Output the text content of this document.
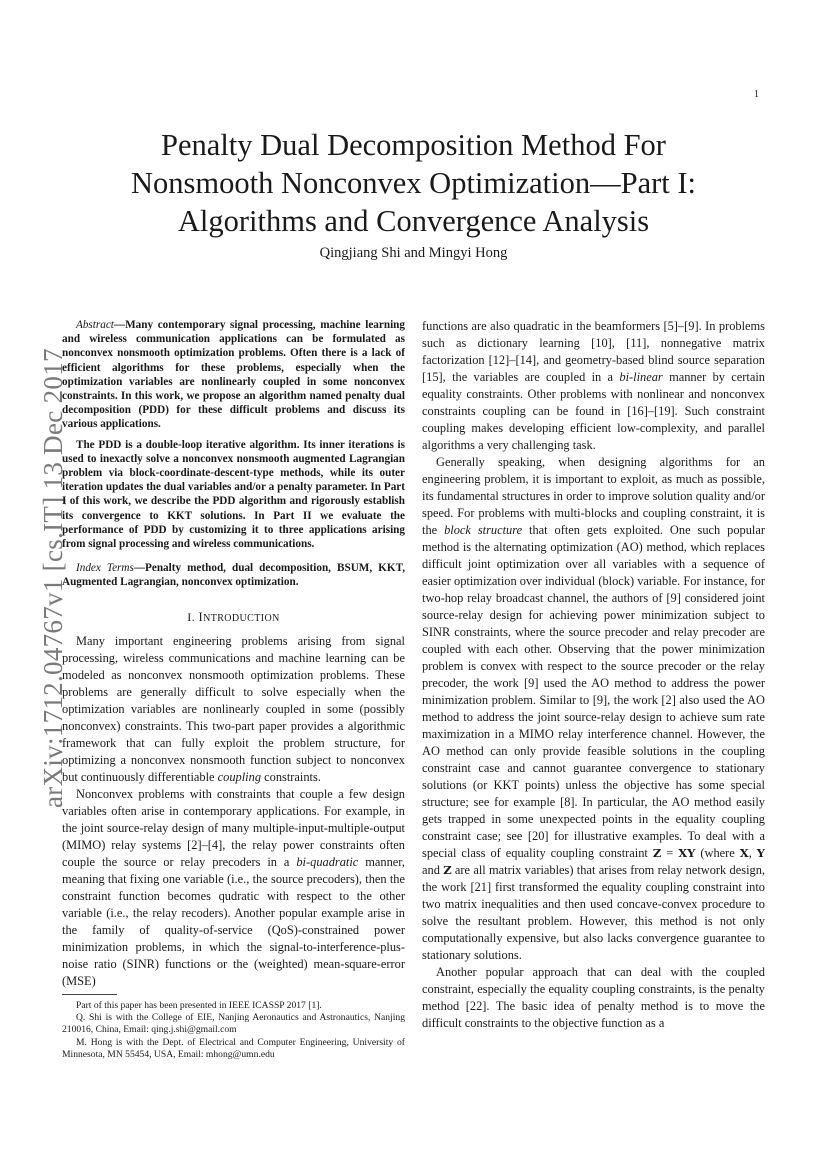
1
Penalty Dual Decomposition Method For
Nonsmooth Nonconvex Optimization—Part I:
Algorithms and Convergence Analysis
Qingjiang Shi and Mingyi Hong
arXiv:1712.04767v1 [cs.IT] 13 Dec 2017

Abstract—Many contemporary signal processing, machine learning and wireless communication applications can be formulated as nonconvex nonsmooth optimization problems. Often there is a lack of efficient algorithms for these problems, especially when the optimization variables are nonlinearly coupled in some nonconvex constraints. In this work, we propose an algorithm named penalty dual decomposition (PDD) for these difficult problems and discuss its various applications.

The PDD is a double-loop iterative algorithm. Its inner iterations is used to inexactly solve a nonconvex nonsmooth augmented Lagrangian problem via block-coordinate-descent-type methods, while its outer iteration updates the dual variables and/or a penalty parameter. In Part I of this work, we describe the PDD algorithm and rigorously establish its convergence to KKT solutions. In Part II we evaluate the performance of PDD by customizing it to three applications arising from signal processing and wireless communications.

Index Terms—Penalty method, dual decomposition, BSUM, KKT, Augmented Lagrangian, nonconvex optimization.

I. INTRODUCTION

Many important engineering problems arising from signal processing, wireless communications and machine learning can be modeled as nonconvex nonsmooth optimization problems. These problems are generally difficult to solve especially when the optimization variables are nonlinearly coupled in some (possibly nonconvex) constraints. This two-part paper provides a algorithmic framework that can fully exploit the problem structure, for optimizing a nonconvex nonsmooth function subject to nonconvex but continuously differentiable coupling constraints.

Nonconvex problems with constraints that couple a few design variables often arise in contemporary applications. For example, in the joint source-relay design of many multiple-input-multiple-output (MIMO) relay systems [2]–[4], the relay power constraints often couple the source or relay precoders in a bi-quadratic manner, meaning that fixing one variable (i.e., the source precoders), then the constraint function becomes qudratic with respect to the other variable (i.e., the relay recoders). Another popular example arise in the family of quality-of-service (QoS)-constrained power minimization problems, in which the signal-to-interference-plus-noise ratio (SINR) functions or the (weighted) mean-square-error (MSE)

Part of this paper has been presented in IEEE ICASSP 2017 [1].

Q. Shi is with the College of EIE, Nanjing Aeronautics and Astronautics, Nanjing 210016, China, Email: qing.j.shi@gmail.com

M. Hong is with the Dept. of Electrical and Computer Engineering, University of Minnesota, MN 55454, USA, Email: mhong@umn.edu

functions are also quadratic in the beamformers [5]–[9]. In problems such as dictionary learning [10], [11], nonnegative matrix factorization [12]–[14], and geometry-based blind source separation [15], the variables are coupled in a bi-linear manner by certain equality constraints. Other problems with nonlinear and nonconvex constraints coupling can be found in [16]–[19]. Such constraint coupling makes developing efficient low-complexity, and parallel algorithms a very challenging task.

Generally speaking, when designing algorithms for an engineering problem, it is important to exploit, as much as possible, its fundamental structures in order to improve solution quality and/or speed. For problems with multi-blocks and coupling constraint, it is the block structure that often gets exploited. One such popular method is the alternating optimization (AO) method, which replaces difficult joint optimization over all variables with a sequence of easier optimization over individual (block) variable. For instance, for two-hop relay broadcast channel, the authors of [9] considered joint source-relay design for achieving power minimization subject to SINR constraints, where the source precoder and relay precoder are coupled with each other. Observing that the power minimization problem is convex with respect to the source precoder or the relay precoder, the work [9] used the AO method to address the power minimization problem. Similar to [9], the work [2] also used the AO method to address the joint source-relay design to achieve sum rate maximization in a MIMO relay interference channel. However, the AO method can only provide feasible solutions in the coupling constraint case and cannot guarantee convergence to stationary solutions (or KKT points) unless the objective has some special structure; see for example [8]. In particular, the AO method easily gets trapped in some unexpected points in the equality coupling constraint case; see [20] for illustrative examples. To deal with a special class of equality coupling constraint Z = XY (where X, Y and Z are all matrix variables) that arises from relay network design, the work [21] first transformed the equality coupling constraint into two matrix inequalities and then used concave-convex procedure to solve the resultant problem. However, this method is not only computationally expensive, but also lacks convergence guarantee to stationary solutions.

Another popular approach that can deal with the coupled constraint, especially the equality coupling constraints, is the penalty method [22]. The basic idea of penalty method is to move the difficult constraints to the objective function as a
